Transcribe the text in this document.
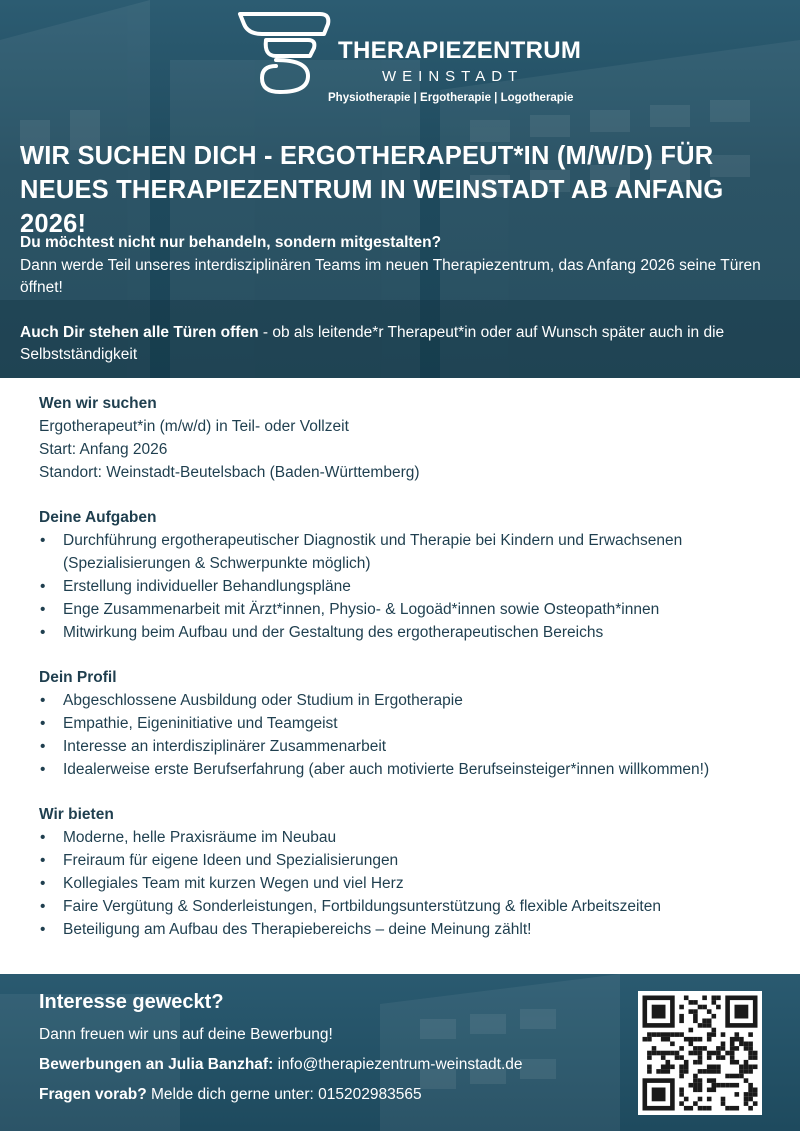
THERAPIEZENTRUM
WEINSTADT
Physiotherapie | Ergotherapie | Logotherapie
WIR SUCHEN DICH - ERGOTHERAPEUT*IN (M/W/D) FÜR NEUES THERAPIEZENTRUM IN WEINSTADT AB ANFANG 2026!

Du möchtest nicht nur behandeln, sondern mitgestalten?

Dann werde Teil unseres interdisziplinären Teams im neuen Therapiezentrum, das Anfang 2026 seine Türen öffnet!

Auch Dir stehen alle Türen offen - ob als leitende*r Therapeut*in oder auf Wunsch später auch in die Selbstständigkeit

Wen wir suchen

Ergotherapeut*in (m/w/d) in Teil- oder Vollzeit

Start: Anfang 2026

Standort: Weinstadt-Beutelsbach (Baden-Württemberg)

Deine Aufgaben
• Durchführung ergotherapeutischer Diagnostik und Therapie bei Kindern und Erwachsenen (Spezialisierungen & Schwerpunkte möglich)
• Erstellung individueller Behandlungspläne
• Enge Zusammenarbeit mit Ärzt*innen, Physio- & Logoäd*innen sowie Osteopath*innen
• Mitwirkung beim Aufbau und der Gestaltung des ergotherapeutischen Bereichs
Dein Profil
• Abgeschlossene Ausbildung oder Studium in Ergotherapie
• Empathie, Eigeninitiative und Teamgeist
• Interesse an interdisziplinärer Zusammenarbeit
• Idealerweise erste Berufserfahrung (aber auch motivierte Berufseinsteiger*innen willkommen!)
Wir bieten
• Moderne, helle Praxisräume im Neubau
• Freiraum für eigene Ideen und Spezialisierungen
• Kollegiales Team mit kurzen Wegen und viel Herz
• Faire Vergütung & Sonderleistungen, Fortbildungsunterstützung & flexible Arbeitszeiten
• Beteiligung am Aufbau des Therapiebereichs – deine Meinung zählt!
Interesse geweckt?
Dann freuen wir uns auf deine Bewerbung!
Bewerbungen an Julia Banzhaf: info@therapiezentrum-weinstadt.de
Fragen vorab? Melde dich gerne unter: 015202983565
